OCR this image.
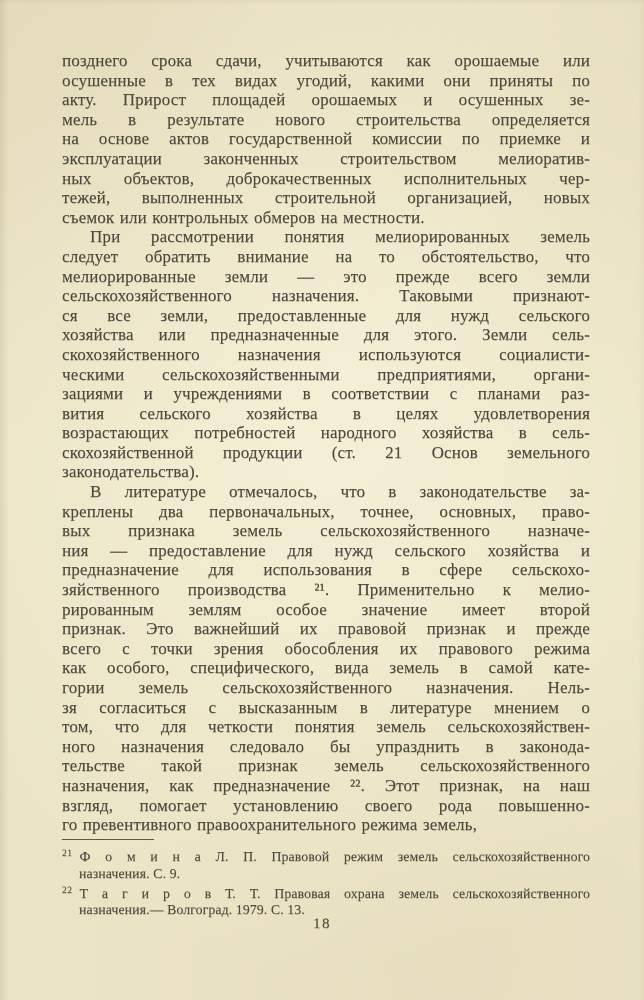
позднего срока сдачи, учитываются как орошаемые или
осушенные в тех видах угодий, какими они приняты по
акту. Прирост площадей орошаемых и осушенных зе-
мель в результате нового строительства определяется
на основе актов государственной комиссии по приемке и
эксплуатации законченных строительством мелиоратив-
ных объектов, доброкачественных исполнительных чер-
тежей, выполненных строительной организацией, новых
съемок или контрольных обмеров на местности.
При рассмотрении понятия мелиорированных земель
следует обратить внимание на то обстоятельство, что
мелиорированные земли — это прежде всего земли
сельскохозяйственного назначения. Таковыми признают-
ся все земли, предоставленные для нужд сельского
хозяйства или предназначенные для этого. Земли сель-
скохозяйственного назначения используются социалисти-
ческими сельскохозяйственными предприятиями, органи-
зациями и учреждениями в соответствии с планами раз-
вития сельского хозяйства в целях удовлетворения
возрастающих потребностей народного хозяйства в сель-
скохозяйственной продукции (ст. 21 Основ земельного
законодательства).
В литературе отмечалось, что в законодательстве за-
креплены два первоначальных, точнее, основных, право-
вых признака земель сельскохозяйственного назначе-
ния — предоставление для нужд сельского хозяйства и
предназначение для использования в сфере сельскохо-
зяйственного производства ²¹. Применительно к мелио-
рированным землям особое значение имеет второй
признак. Это важнейший их правовой признак и прежде
всего с точки зрения обособления их правового режима
как особого, специфического, вида земель в самой кате-
гории земель сельскохозяйственного назначения. Нель-
зя согласиться с высказанным в литературе мнением о
том, что для четкости понятия земель сельскохозяйствен-
ного назначения следовало бы упразднить в законода-
тельстве такой признак земель сельскохозяйственного
назначения, как предназначение ²². Этот признак, на наш
взгляд, помогает установлению своего рода повышенно-
го превентивного правоохранительного режима земель,
21 Ф о м и н а Л. П. Правовой режим земель сельскохозяйственного
назначения. С. 9.
22 Т а г и р о в Т. Т. Правовая охрана земель сельскохозяйственного
назначения.— Волгоград. 1979. С. 13.
18
